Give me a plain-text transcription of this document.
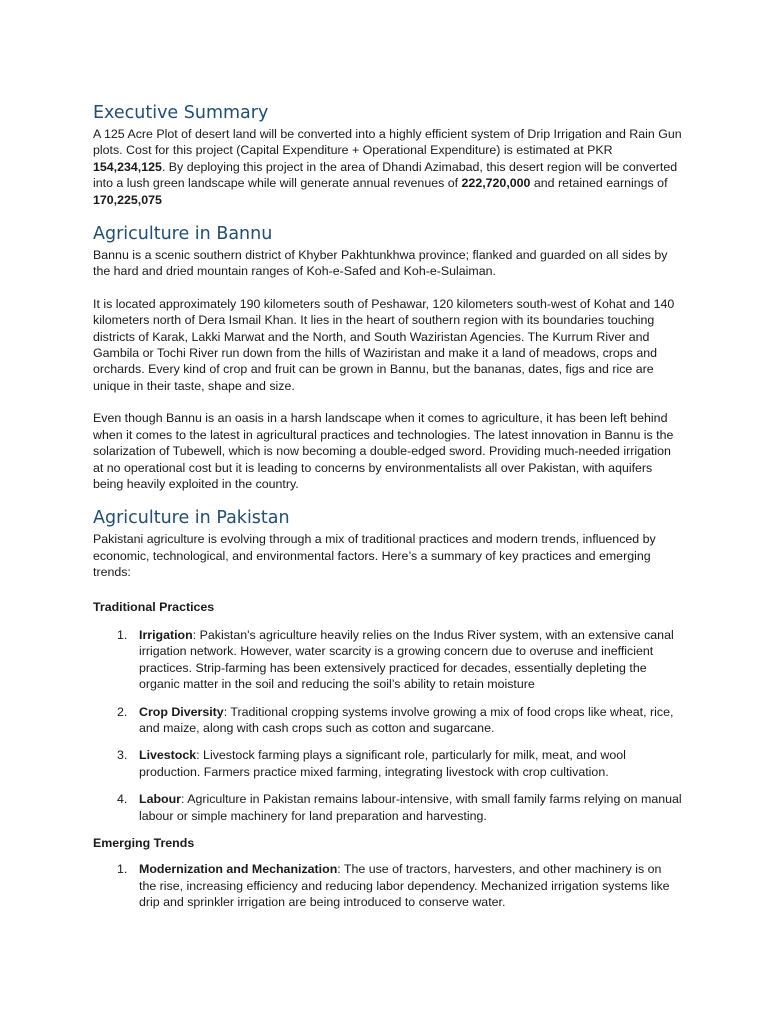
Executive Summary

A 125 Acre Plot of desert land will be converted into a highly efficient system of Drip Irrigation and Rain Gun plots. Cost for this project (Capital Expenditure + Operational Expenditure) is estimated at PKR 154,234,125. By deploying this project in the area of Dhandi Azimabad, this desert region will be converted into a lush green landscape while will generate annual revenues of 222,720,000 and retained earnings of 170,225,075

Agriculture in Bannu

Bannu is a scenic southern district of Khyber Pakhtunkhwa province; flanked and guarded on all sides by the hard and dried mountain ranges of Koh-e-Safed and Koh-e-Sulaiman.

It is located approximately 190 kilometers south of Peshawar, 120 kilometers south-west of Kohat and 140 kilometers north of Dera Ismail Khan. It lies in the heart of southern region with its boundaries touching districts of Karak, Lakki Marwat and the North, and South Waziristan Agencies. The Kurrum River and Gambila or Tochi River run down from the hills of Waziristan and make it a land of meadows, crops and orchards. Every kind of crop and fruit can be grown in Bannu, but the bananas, dates, figs and rice are unique in their taste, shape and size.

Even though Bannu is an oasis in a harsh landscape when it comes to agriculture, it has been left behind when it comes to the latest in agricultural practices and technologies. The latest innovation in Bannu is the solarization of Tubewell, which is now becoming a double-edged sword. Providing much-needed irrigation at no operational cost but it is leading to concerns by environmentalists all over Pakistan, with aquifers being heavily exploited in the country.

Agriculture in Pakistan

Pakistani agriculture is evolving through a mix of traditional practices and modern trends, influenced by economic, technological, and environmental factors. Here’s a summary of key practices and emerging trends:

Traditional Practices
1. Irrigation: Pakistan's agriculture heavily relies on the Indus River system, with an extensive canal irrigation network. However, water scarcity is a growing concern due to overuse and inefficient practices. Strip-farming has been extensively practiced for decades, essentially depleting the organic matter in the soil and reducing the soil’s ability to retain moisture
2. Crop Diversity: Traditional cropping systems involve growing a mix of food crops like wheat, rice, and maize, along with cash crops such as cotton and sugarcane.
3. Livestock: Livestock farming plays a significant role, particularly for milk, meat, and wool production. Farmers practice mixed farming, integrating livestock with crop cultivation.
4. Labour: Agriculture in Pakistan remains labour-intensive, with small family farms relying on manual labour or simple machinery for land preparation and harvesting.
Emerging Trends
1. Modernization and Mechanization: The use of tractors, harvesters, and other machinery is on the rise, increasing efficiency and reducing labor dependency. Mechanized irrigation systems like drip and sprinkler irrigation are being introduced to conserve water.
